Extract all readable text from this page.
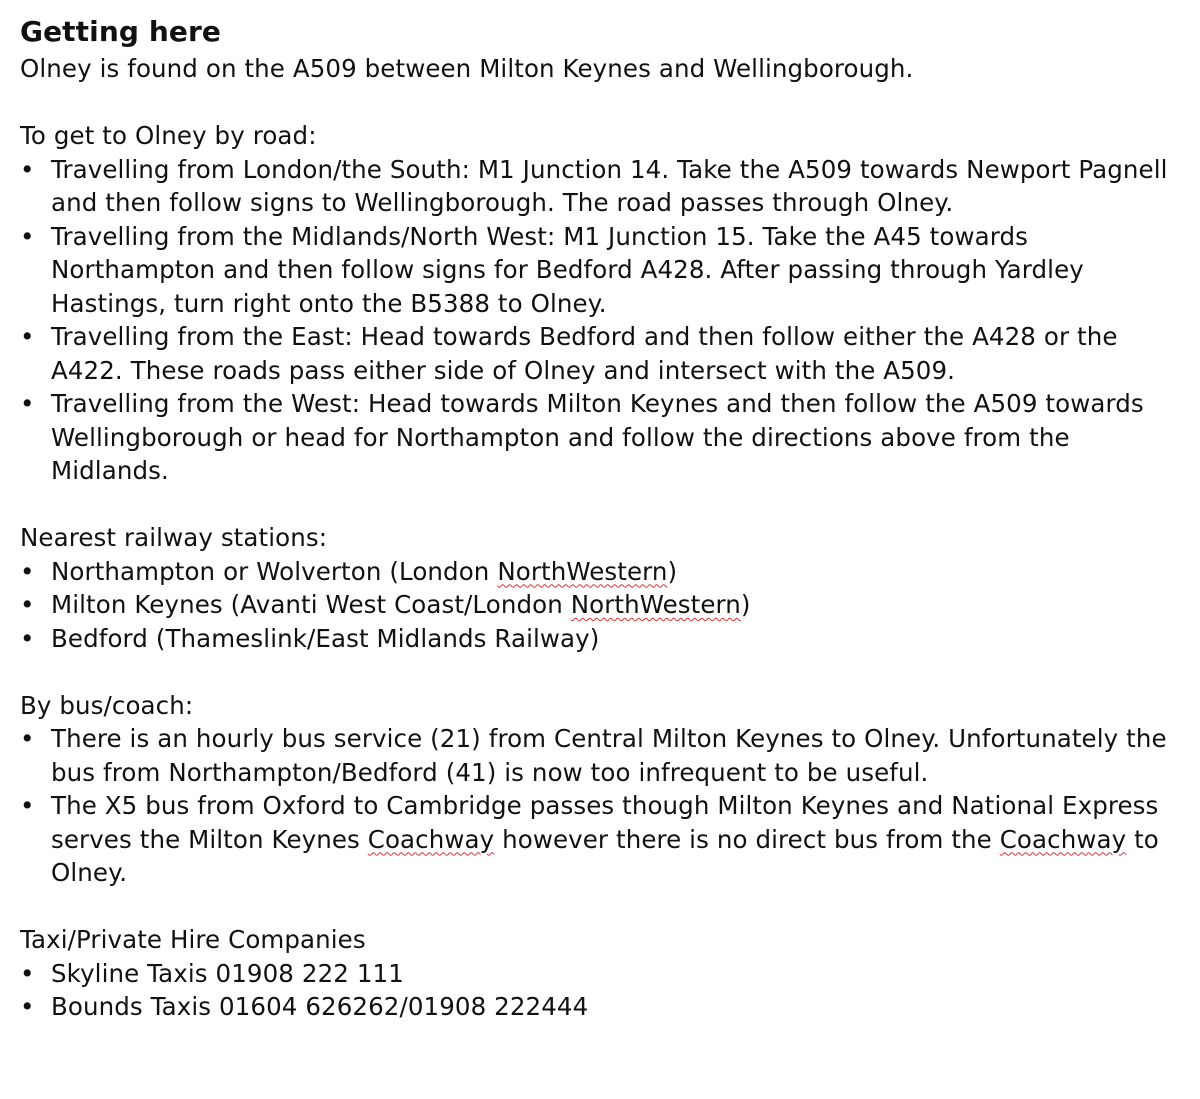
Getting here

Olney is found on the A509 between Milton Keynes and Wellingborough.

To get to Olney by road:

• Travelling from London/the South: M1 Junction 14. Take the A509 towards Newport Pagnell and then follow signs to Wellingborough. The road passes through Olney.
• Travelling from the Midlands/North West: M1 Junction 15. Take the A45 towards Northampton and then follow signs for Bedford A428. After passing through Yardley Hastings, turn right onto the B5388 to Olney.
• Travelling from the East: Head towards Bedford and then follow either the A428 or the A422. These roads pass either side of Olney and intersect with the A509.
• Travelling from the West: Head towards Milton Keynes and then follow the A509 towards Wellingborough or head for Northampton and follow the directions above from the Midlands.

Nearest railway stations:

• Northampton or Wolverton (London NorthWestern)
• Milton Keynes (Avanti West Coast/London NorthWestern)
• Bedford (Thameslink/East Midlands Railway)

By bus/coach:

• There is an hourly bus service (21) from Central Milton Keynes to Olney. Unfortunately the bus from Northampton/Bedford (41) is now too infrequent to be useful.
• The X5 bus from Oxford to Cambridge passes though Milton Keynes and National Express serves the Milton Keynes Coachway however there is no direct bus from the Coachway to Olney.

Taxi/Private Hire Companies

• Skyline Taxis 01908 222 111
• Bounds Taxis 01604 626262/01908 222444
